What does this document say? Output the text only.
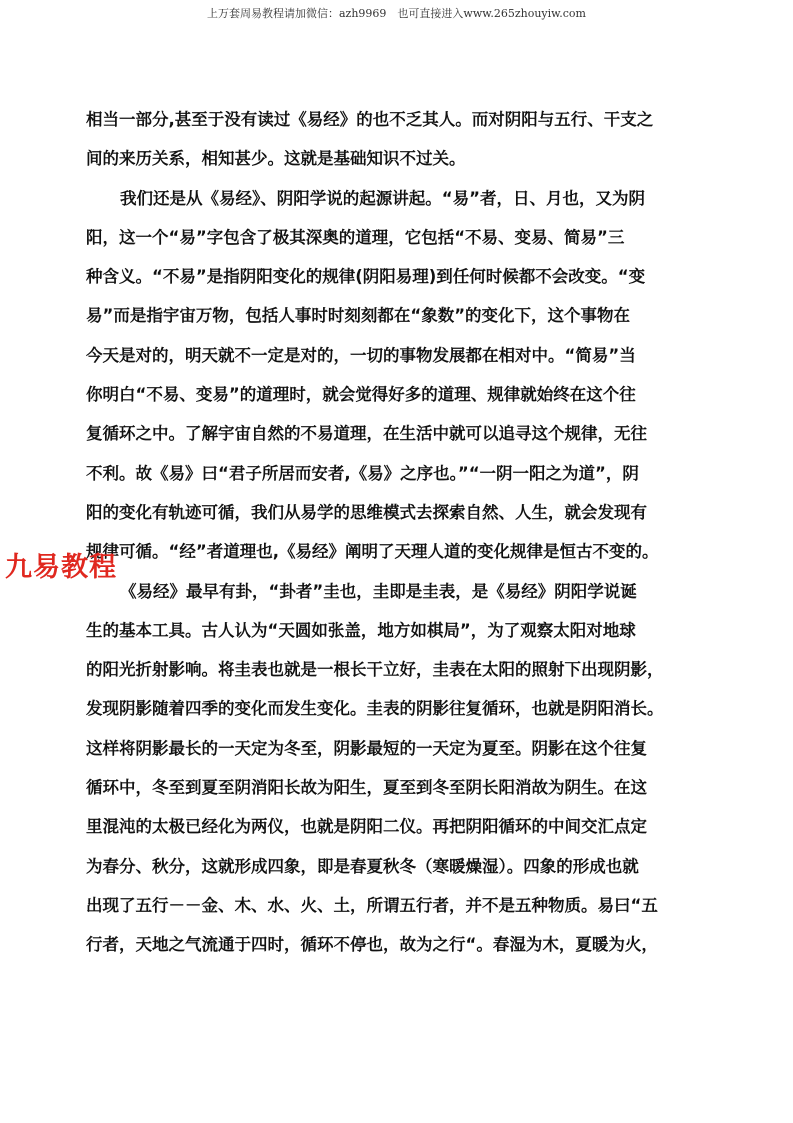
上万套周易教程请加微信：azh9969　也可直接进入www.265zhouyiw.com
相当一部分,甚至于没有读过《易经》的也不乏其人。而对阴阳与五行、干支之
间的来历关系，相知甚少。这就是基础知识不过关。
我们还是从《易经》、阴阳学说的起源讲起。“易”者，日、月也，又为阴
阳，这一个“易”字包含了极其深奥的道理，它包括“不易、变易、简易”三
种含义。“不易”是指阴阳变化的规律(阴阳易理)到任何时候都不会改变。“变
易”而是指宇宙万物，包括人事时时刻刻都在“象数”的变化下，这个事物在
今天是对的，明天就不一定是对的，一切的事物发展都在相对中。“简易”当
你明白“不易、变易”的道理时，就会觉得好多的道理、规律就始终在这个往
复循环之中。了解宇宙自然的不易道理，在生活中就可以追寻这个规律，无往
不利。故《易》曰“君子所居而安者,《易》之序也。”“一阴一阳之为道”，阴
阳的变化有轨迹可循，我们从易学的思维模式去探索自然、人生，就会发现有
规律可循。“经”者道理也,《易经》阐明了天理人道的变化规律是恒古不变的。
《易经》最早有卦，“卦者”圭也，圭即是圭表，是《易经》阴阳学说诞
生的基本工具。古人认为“天圆如张盖，地方如棋局”，为了观察太阳对地球
的阳光折射影响。将圭表也就是一根长干立好，圭表在太阳的照射下出现阴影，
发现阴影随着四季的变化而发生变化。圭表的阴影往复循环，也就是阴阳消长。
这样将阴影最长的一天定为冬至，阴影最短的一天定为夏至。阴影在这个往复
循环中，冬至到夏至阴消阳长故为阳生，夏至到冬至阴长阳消故为阴生。在这
里混沌的太极已经化为两仪，也就是阴阳二仪。再把阴阳循环的中间交汇点定
为春分、秋分，这就形成四象，即是春夏秋冬（寒暖燥湿）。四象的形成也就
出现了五行－－金、木、水、火、土，所谓五行者，并不是五种物质。易曰“五
行者，天地之气流通于四时，循环不停也，故为之行“。春湿为木，夏暖为火，
九易教程
